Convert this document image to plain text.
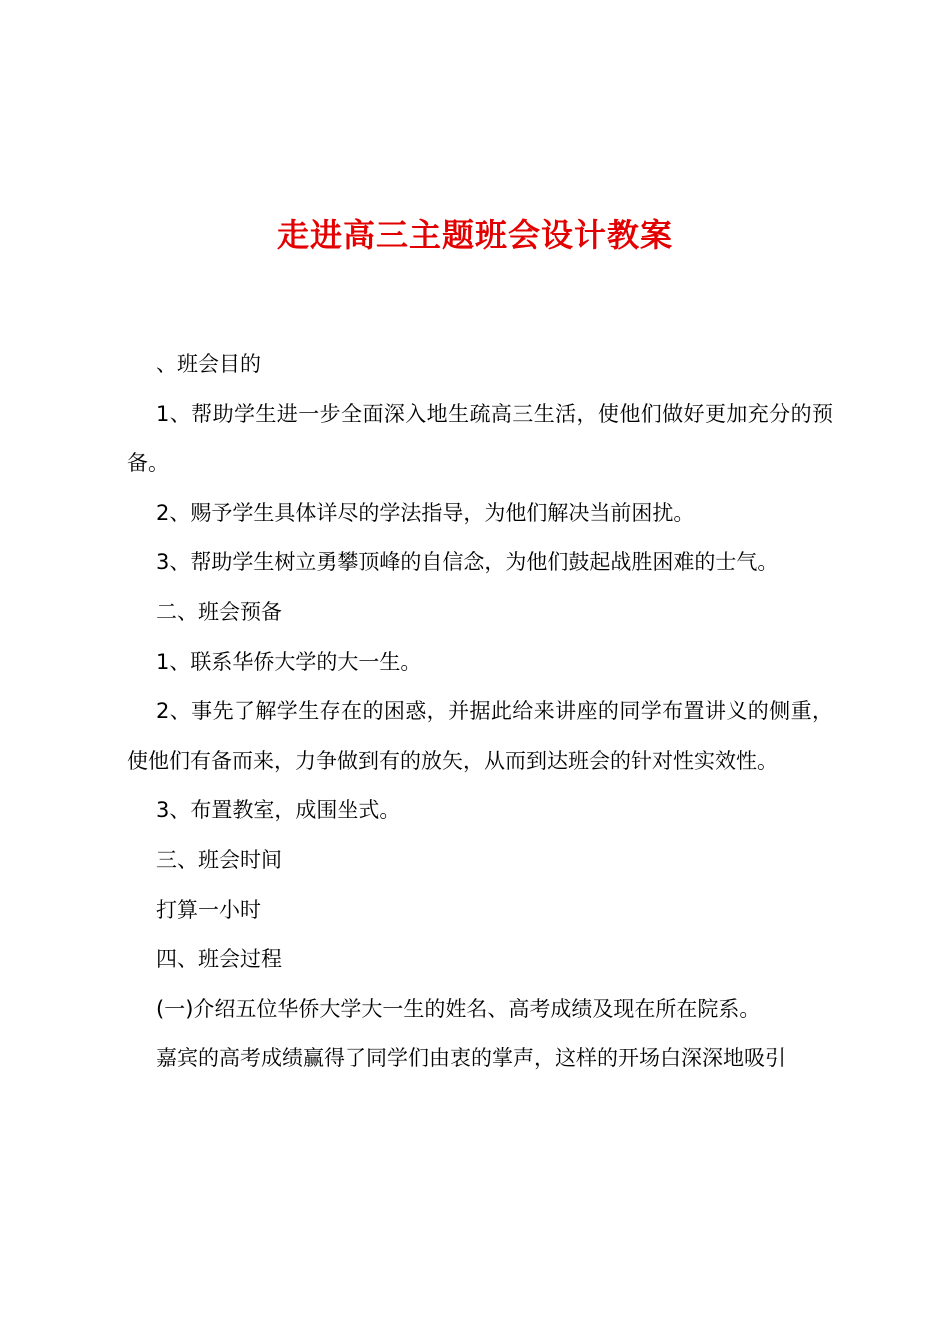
走进高三主题班会设计教案

、班会目的

1、帮助学生进一步全面深入地生疏高三生活，使他们做好更加充分的预备。

2、赐予学生具体详尽的学法指导，为他们解决当前困扰。

3、帮助学生树立勇攀顶峰的自信念，为他们鼓起战胜困难的士气。

二、班会预备

1、联系华侨大学的大一生。

2、事先了解学生存在的困惑，并据此给来讲座的同学布置讲义的侧重，使他们有备而来，力争做到有的放矢，从而到达班会的针对性实效性。

3、布置教室，成围坐式。

三、班会时间

打算一小时

四、班会过程

(一)介绍五位华侨大学大一生的姓名、高考成绩及现在所在院系。

嘉宾的高考成绩赢得了同学们由衷的掌声，这样的开场白深深地吸引
